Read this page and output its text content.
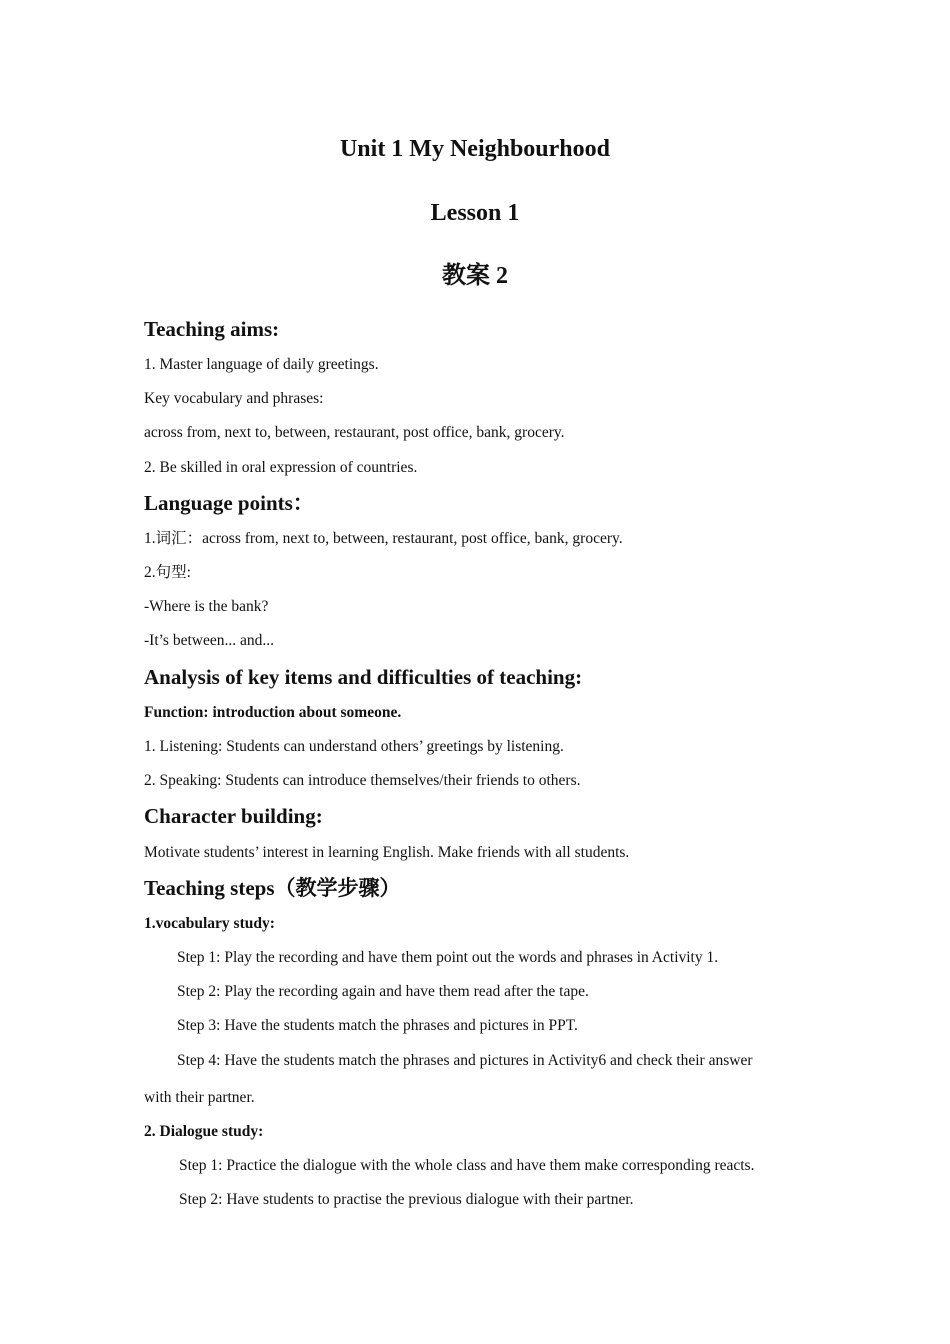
Unit 1 My Neighbourhood
Lesson 1
教案 2
Teaching aims:
1. Master language of daily greetings.
Key vocabulary and phrases:
across from, next to, between, restaurant, post office, bank, grocery.
2. Be skilled in oral expression of countries.
Language points：
1.词汇：across from, next to, between, restaurant, post office, bank, grocery.
2.句型:
-Where is the bank?
-It’s between... and...
Analysis of key items and difficulties of teaching:
Function: introduction about someone.
1. Listening: Students can understand others’ greetings by listening.
2. Speaking: Students can introduce themselves/their friends to others.
Character building:
Motivate students’ interest in learning English. Make friends with all students.
Teaching steps（教学步骤）
1.vocabulary study:
Step 1: Play the recording and have them point out the words and phrases in Activity 1.
Step 2: Play the recording again and have them read after the tape.
Step 3: Have the students match the phrases and pictures in PPT.
Step 4: Have the students match the phrases and pictures in Activity6 and check their answer
with their partner.
2. Dialogue study:
Step 1: Practice the dialogue with the whole class and have them make corresponding reacts.
Step 2: Have students to practise the previous dialogue with their partner.
